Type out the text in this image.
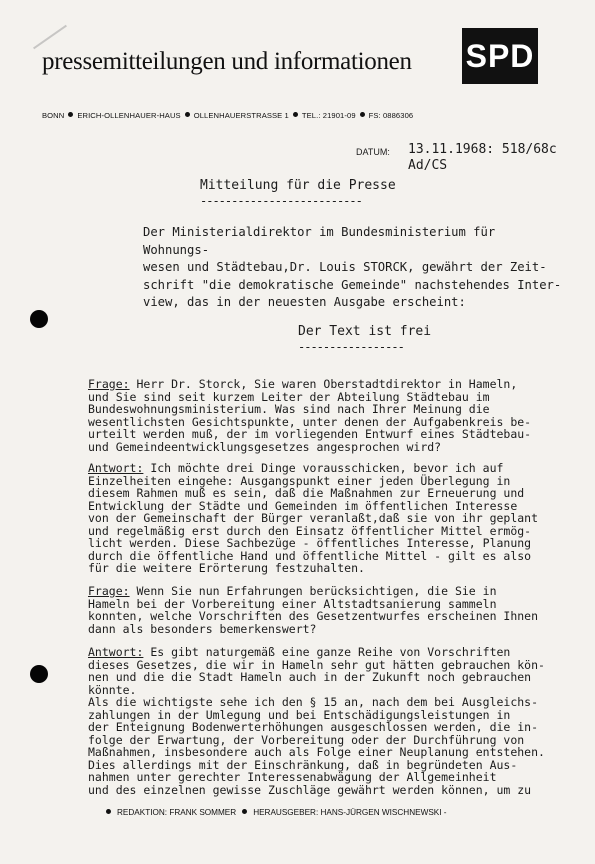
pressemitteilungen und informationen SPD
BONN ERICH-OLLENHAUER-HAUS OLLENHAUERSTRASSE 1 TEL.: 21901-09 FS: 0886306
DATUM: 13.11.1968: 518/68c
Ad/CS
Mitteilung für die Presse
--------------------------
Der Ministerialdirektor im Bundesministerium für Wohnungs-
wesen und Städtebau,Dr. Louis STORCK, gewährt der Zeit-
schrift "die demokratische Gemeinde" nachstehendes Inter-
view, das in der neuesten Ausgabe erscheint:
Der Text ist frei
-----------------
Frage: Herr Dr. Storck, Sie waren Oberstadtdirektor in Hameln,
und Sie sind seit kurzem Leiter der Abteilung Städtebau im
Bundeswohnungsministerium. Was sind nach Ihrer Meinung die
wesentlichsten Gesichtspunkte, unter denen der Aufgabenkreis be-
urteilt werden muß, der im vorliegenden Entwurf eines Städtebau-
und Gemeindeentwicklungsgesetzes angesprochen wird?
Antwort: Ich möchte drei Dinge vorausschicken, bevor ich auf
Einzelheiten eingehe: Ausgangspunkt einer jeden Überlegung in
diesem Rahmen muß es sein, daß die Maßnahmen zur Erneuerung und
Entwicklung der Städte und Gemeinden im öffentlichen Interesse
von der Gemeinschaft der Bürger veranlaßt,daß sie von ihr geplant
und regelmäßig erst durch den Einsatz öffentlicher Mittel ermög-
licht werden. Diese Sachbezüge - öffentliches Interesse, Planung
durch die öffentliche Hand und öffentliche Mittel - gilt es also
für die weitere Erörterung festzuhalten.
Frage: Wenn Sie nun Erfahrungen berücksichtigen, die Sie in
Hameln bei der Vorbereitung einer Altstadtsanierung sammeln
konnten, welche Vorschriften des Gesetzentwurfes erscheinen Ihnen
dann als besonders bemerkenswert?
Antwort: Es gibt naturgemäß eine ganze Reihe von Vorschriften
dieses Gesetzes, die wir in Hameln sehr gut hätten gebrauchen kön-
nen und die die Stadt Hameln auch in der Zukunft noch gebrauchen
könnte.
Als die wichtigste sehe ich den § 15 an, nach dem bei Ausgleichs-
zahlungen in der Umlegung und bei Entschädigungsleistungen in
der Enteignung Bodenwerterhöhungen ausgeschlossen werden, die in-
folge der Erwartung, der Vorbereitung oder der Durchführung von
Maßnahmen, insbesondere auch als Folge einer Neuplanung entstehen.
Dies allerdings mit der Einschränkung, daß in begründeten Aus-
nahmen unter gerechter Interessenabwägung der Allgemeinheit
und des einzelnen gewisse Zuschläge gewährt werden können, um zu
REDAKTION: FRANK SOMMER HERAUSGEBER: HANS-JÜRGEN WISCHNEWSKI -
